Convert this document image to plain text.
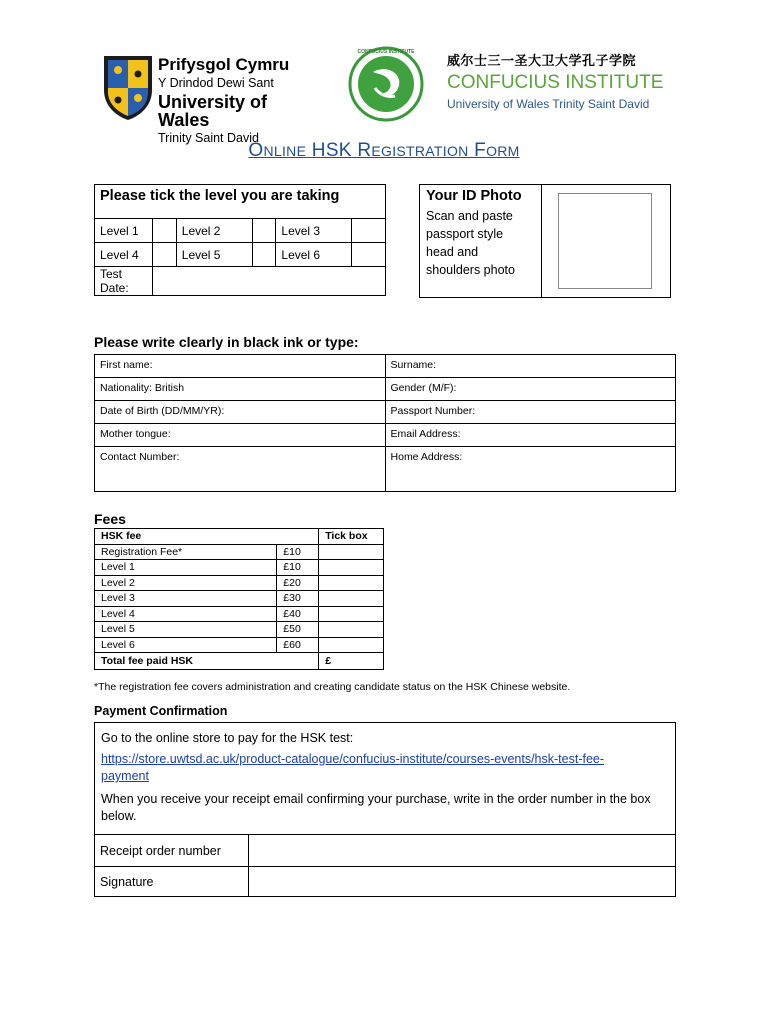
Prifysgol Cymru
Y Drindod Dewi Sant
University of Wales
Trinity Saint David
CONFUCIUS INSTITUTE
威尔士三一圣大卫大学孔子学院
CONFUCIUS INSTITUTE
University of Wales Trinity Saint David
ONLINE HSK REGISTRATION FORM
Please tick the level you are taking					
Level 1		Level 2		Level 3	
Level 4		Level 5		Level 6	
Test Date:					
Your ID Photo
Scan and paste
passport style
head and
shoulders photo
Please write clearly in black ink or type:
First name:	Surname:
Nationality: British	Gender (M/F):
Date of Birth (DD/MM/YR):	Passport Number:
Mother tongue:	Email Address:
Contact Number:	Home Address:
Fees
HSK fee		Tick box
Registration Fee*	£10	
Level 1	£10	
Level 2	£20	
Level 3	£30	
Level 4	£40	
Level 5	£50	
Level 6	£60	
Total fee paid HSK		£
*The registration fee covers administration and creating candidate status on the HSK Chinese website.
Payment Confirmation
Go to the online store to pay for the HSK test:
https://store.uwtsd.ac.uk/product-catalogue/confucius-institute/courses-events/hsk-test-fee-
payment
When you receive your receipt email confirming your purchase, write in the order number in the box below.	

Receipt order number	
Signature	
